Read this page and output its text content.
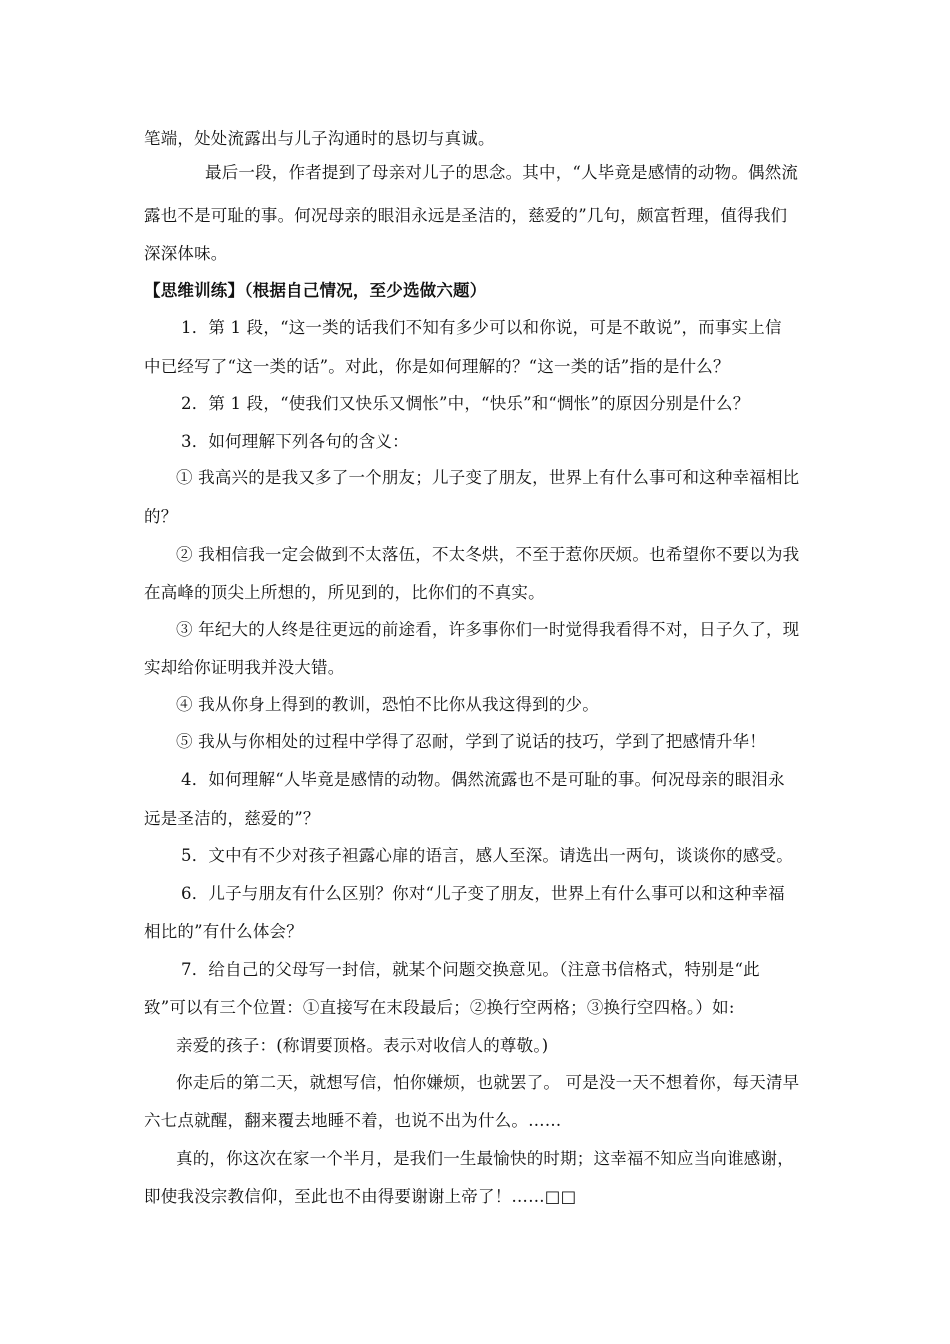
笔端，处处流露出与儿子沟通时的恳切与真诚。
最后一段，作者提到了母亲对儿子的思念。其中，“人毕竟是感情的动物。偶然流
露也不是可耻的事。何况母亲的眼泪永远是圣洁的，慈爱的”几句，颇富哲理，值得我们
深深体味。
【思维训练】（根据自己情况，至少选做六题）
1．第 1 段，“这一类的话我们不知有多少可以和你说，可是不敢说”，而事实上信
中已经写了“这一类的话”。对此，你是如何理解的？“这一类的话”指的是什么？
2．第 1 段，“使我们又快乐又惆怅”中，“快乐”和“惆怅”的原因分别是什么？
3．如何理解下列各句的含义：
① 我高兴的是我又多了一个朋友；儿子变了朋友，世界上有什么事可和这种幸福相比
的？
② 我相信我一定会做到不太落伍，不太冬烘，不至于惹你厌烦。也希望你不要以为我
在高峰的顶尖上所想的，所见到的，比你们的不真实。
③ 年纪大的人终是往更远的前途看，许多事你们一时觉得我看得不对，日子久了，现
实却给你证明我并没大错。
④ 我从你身上得到的教训，恐怕不比你从我这得到的少。
⑤ 我从与你相处的过程中学得了忍耐，学到了说话的技巧，学到了把感情升华！
4．如何理解“人毕竟是感情的动物。偶然流露也不是可耻的事。何况母亲的眼泪永
远是圣洁的，慈爱的”？
5．文中有不少对孩子袒露心扉的语言，感人至深。请选出一两句，谈谈你的感受。
6．儿子与朋友有什么区别？你对“儿子变了朋友，世界上有什么事可以和这种幸福
相比的”有什么体会？
7．给自己的父母写一封信，就某个问题交换意见。（注意书信格式，特别是“此
致”可以有三个位置：①直接写在末段最后；②换行空两格；③换行空四格。）如:
亲爱的孩子：(称谓要顶格。表示对收信人的尊敬。)
你走后的第二天，就想写信，怕你嫌烦，也就罢了。 可是没一天不想着你，每天清早
六七点就醒，翻来覆去地睡不着，也说不出为什么。……
真的，你这次在家一个半月，是我们一生最愉快的时期；这幸福不知应当向谁感谢，
即使我没宗教信仰，至此也不由得要谢谢上帝了！……□□
